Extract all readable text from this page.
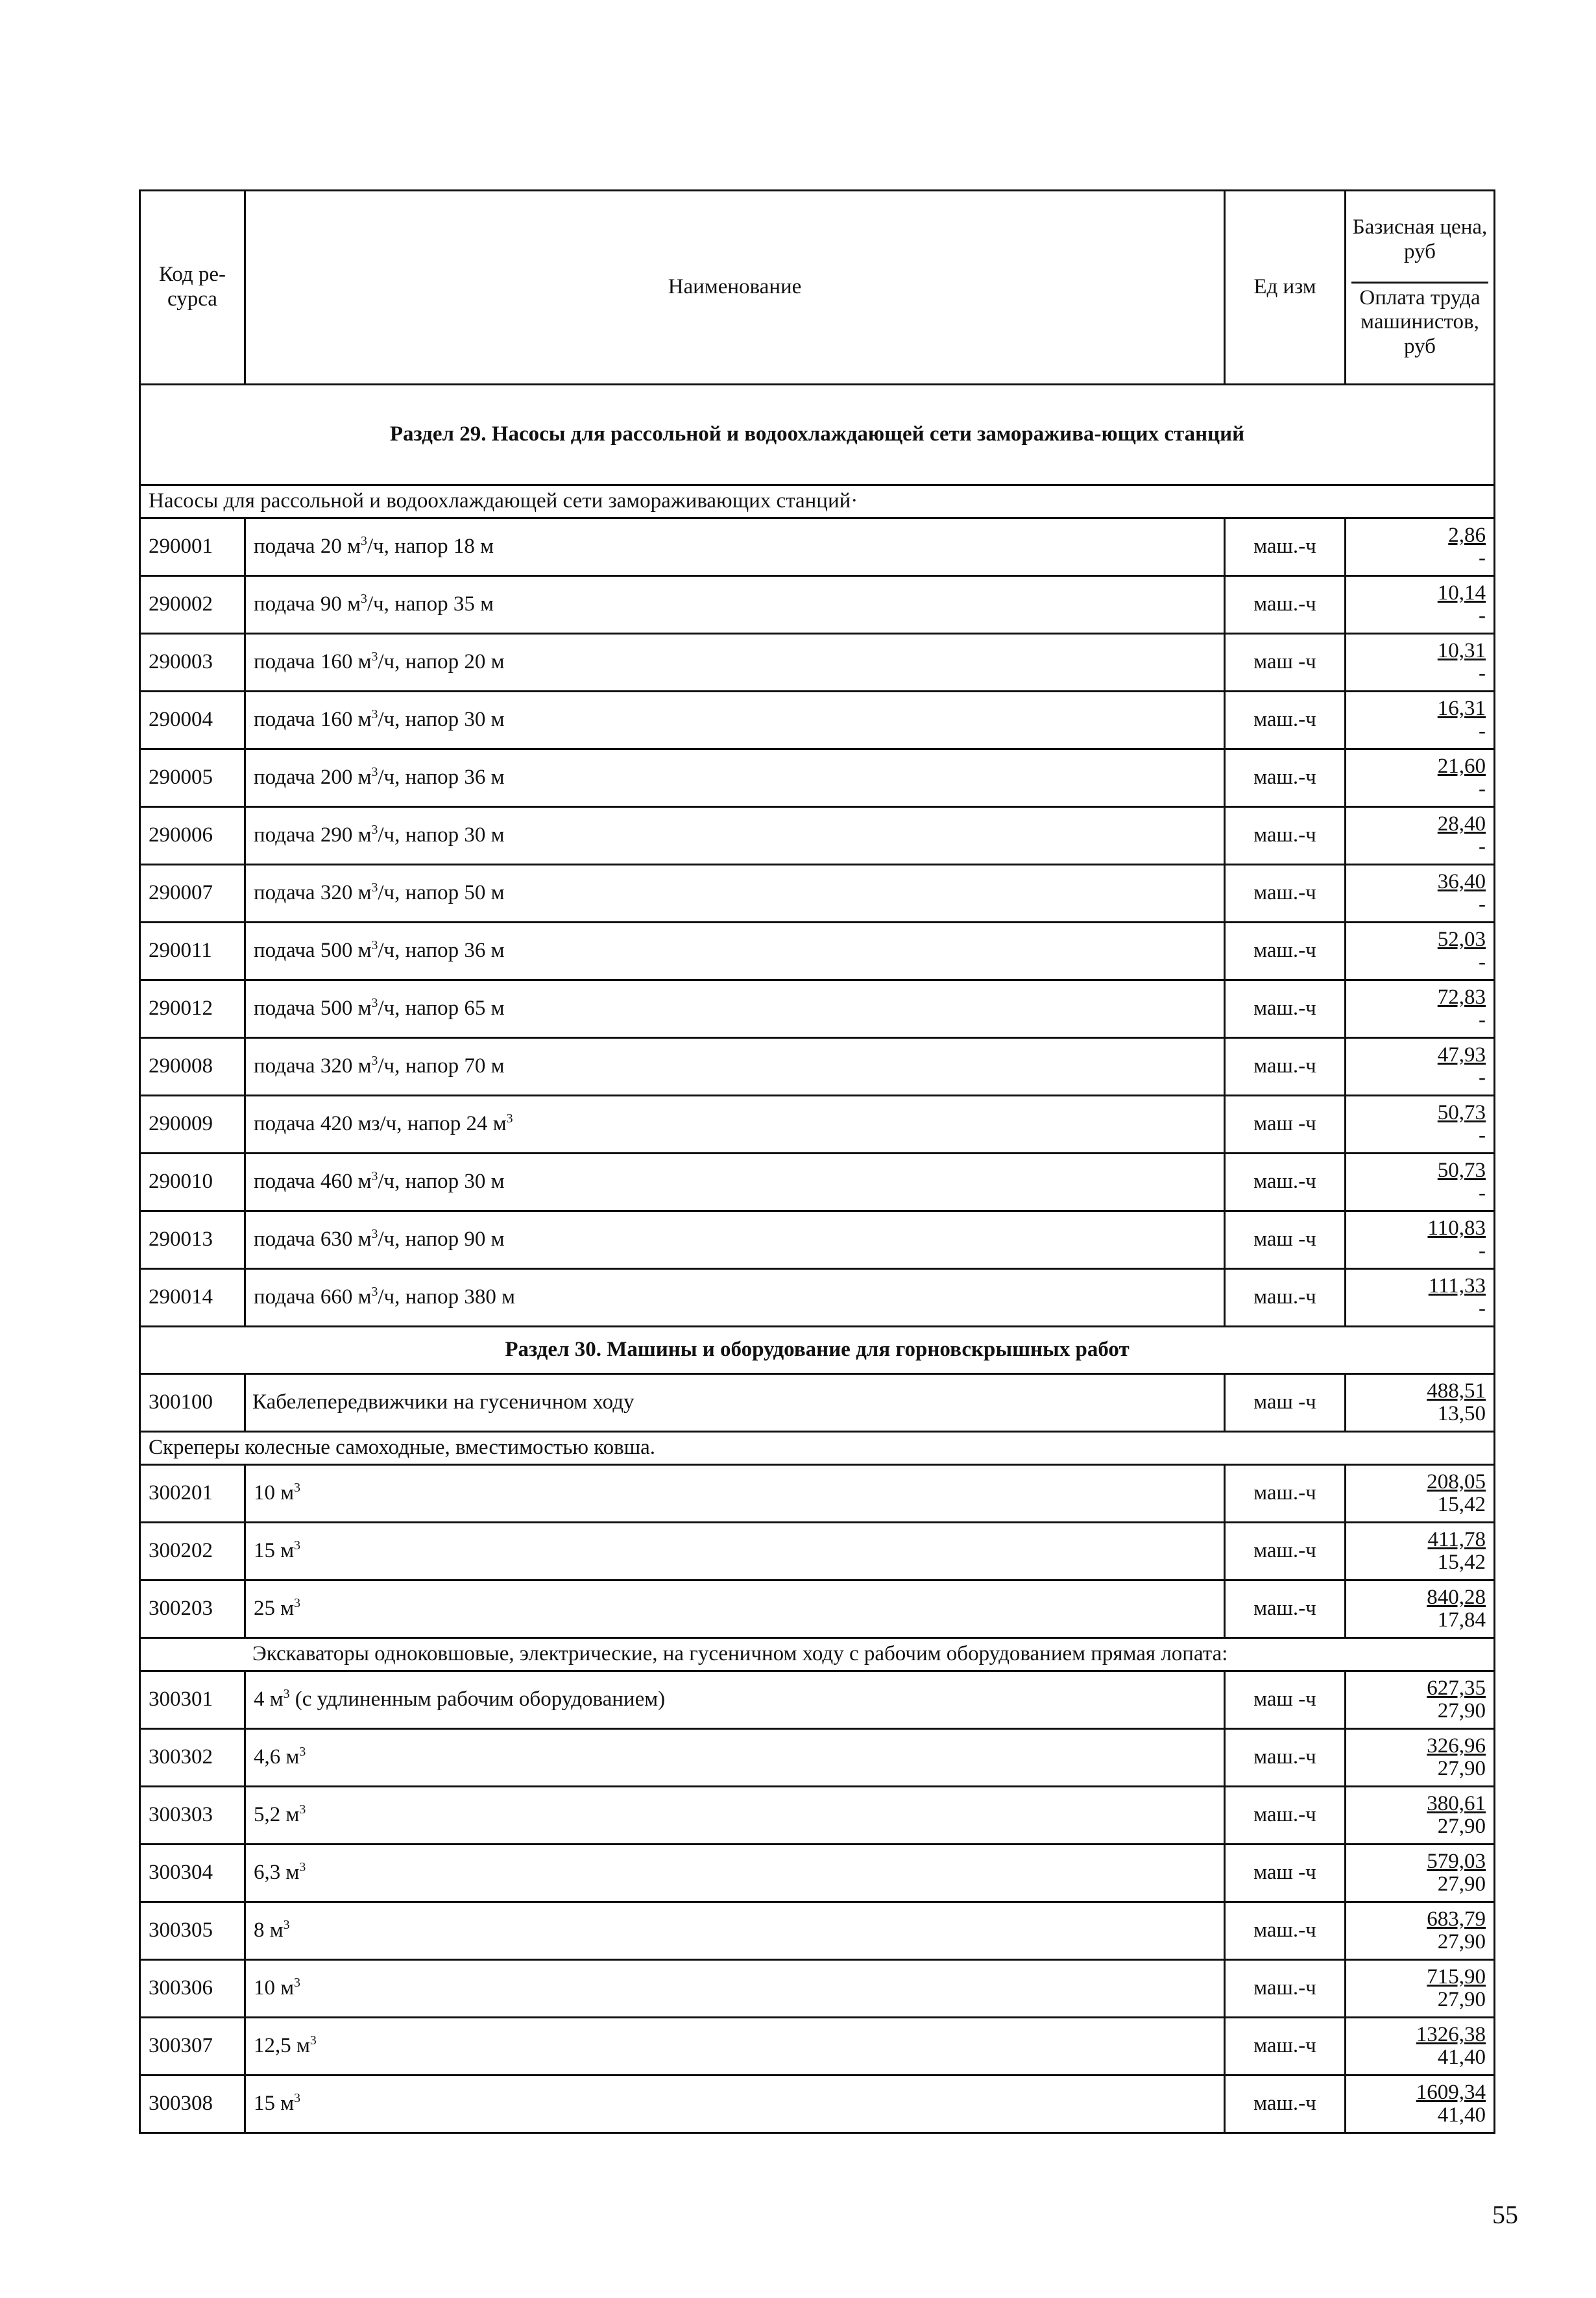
Код ре-сурса	Наименование	Ед изм	Базисная цена, руб
Оплата труда машинистов, руб

Раздел 29. Насосы для рассольной и водоохлаждающей сети заморажива-ющих станций			
Насосы для рассольной и водоохлаждающей сети замораживающих станций·			
290001	подача 20 $м^3/ч$, напор 18 м	маш.-ч	2,86
-

290002	подача 90 $м^3/ч$, напор 35 м	маш.-ч	10,14
-

290003	подача 160 $м^3/ч$, напор 20 м	маш -ч	10,31
-

290004	подача 160 $м^3/ч$, напор 30 м	маш.-ч	16,31
-

290005	подача 200 $м^3/ч$, напор 36 м	маш.-ч	21,60
-

290006	подача 290 $м^3/ч$, напор 30 м	маш.-ч	28,40
-

290007	подача 320 $м^3/ч$, напор 50 м	маш.-ч	36,40
-

290011	подача 500 $м^3/ч$, напор 36 м	маш.-ч	52,03
-

290012	подача 500 $м^3/ч$, напор 65 м	маш.-ч	72,83
-

290008	подача 320 $м^3/ч$, напор 70 м	маш.-ч	47,93
-

290009	подача 420 мз/ч, напор 24 $м^3$	маш -ч	50,73
-

290010	подача 460 $м^3/ч$, напор 30 м	маш.-ч	50,73
-

290013	подача 630 $м^3/ч$, напор 90 м	маш -ч	110,83
-

290014	подача 660 $м^3/ч$, напор 380 м	маш.-ч	111,33
-

Раздел 30. Машины и оборудование для горновскрышных работ			
300100	Кабелепередвижчики на гусеничном ходу	маш -ч	488,51
13,50

Скреперы колесные самоходные, вместимостью ковша.			
300201	10 $м^3$	маш.-ч	208,05
15,42

300202	15 $м^3$	маш.-ч	411,78
15,42

300203	25 $м^3$	маш.-ч	840,28
17,84

Экскаваторы одноковшовые, электрические, на гусеничном ходу с рабочим оборудованием прямая лопата:			
300301	4 $м^3$ (с удлиненным рабочим оборудованием)	маш -ч	627,35
27,90

300302	4,6 $м^3$	маш.-ч	326,96
27,90

300303	5,2 $м^3$	маш.-ч	380,61
27,90

300304	6,3 $м^3$	маш -ч	579,03
27,90

300305	8 $м^3$	маш.-ч	683,79
27,90

300306	10 $м^3$	маш.-ч	715,90
27,90

300307	12,5 $м^3$	маш.-ч	1326,38
41,40

300308	15 $м^3$	маш.-ч	1609,34
41,40
55
